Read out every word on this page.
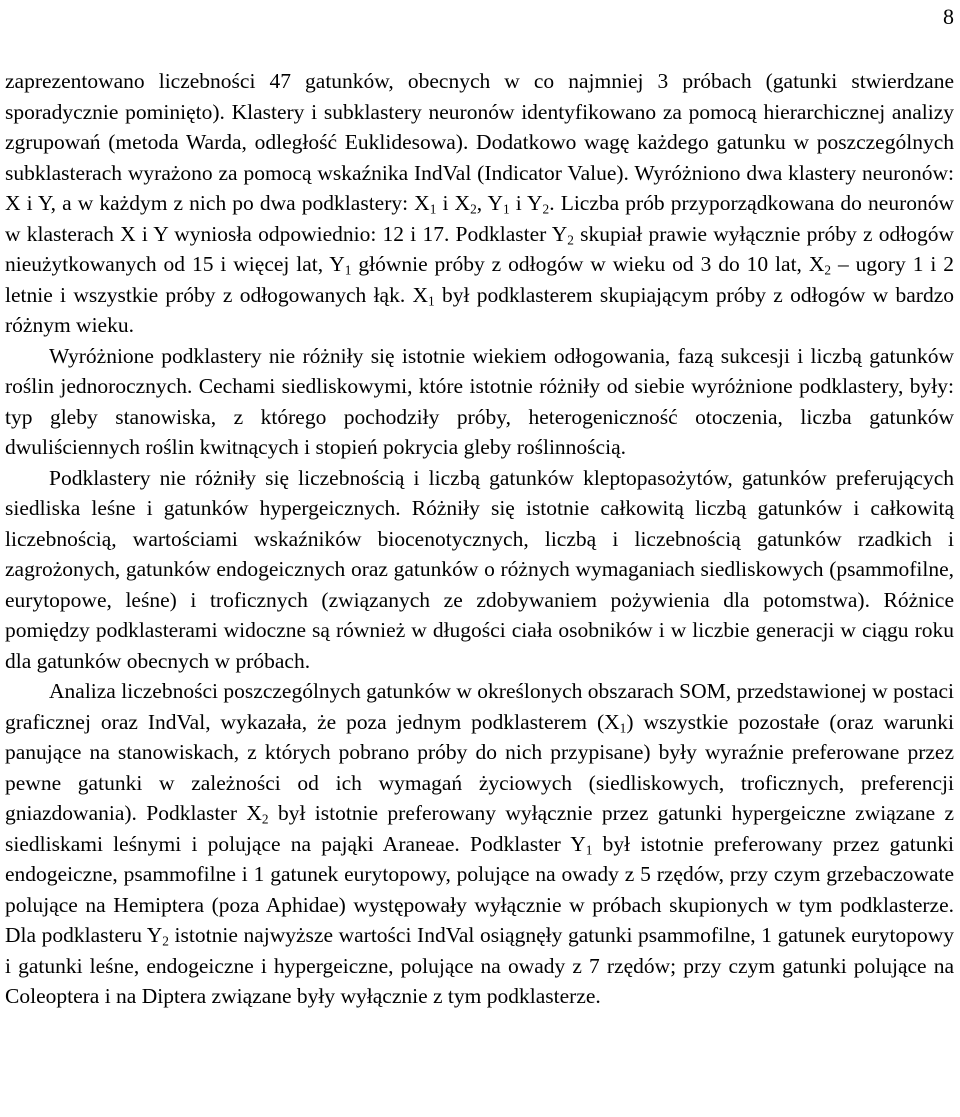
8

zaprezentowano liczebności 47 gatunków, obecnych w co najmniej 3 próbach (gatunki stwierdzane sporadycznie pominięto). Klastery i subklastery neuronów identyfikowano za pomocą hierarchicznej analizy zgrupowań (metoda Warda, odległość Euklidesowa). Dodatkowo wagę każdego gatunku w poszczególnych subklasterach wyrażono za pomocą wskaźnika IndVal (Indicator Value). Wyróżniono dwa klastery neuronów: X i Y, a w każdym z nich po dwa podklastery: $X_1$ i $X_2$, $Y_1$ i $Y_2$. Liczba prób przyporządkowana do neuronów w klasterach X i Y wyniosła odpowiednio: 12 i 17. Podklaster $Y_2$ skupiał prawie wyłącznie próby z odłogów nieużytkowanych od 15 i więcej lat, $Y_1$ głównie próby z odłogów w wieku od 3 do 10 lat, $X_2$ – ugory 1 i 2 letnie i wszystkie próby z odłogowanych łąk. $X_1$ był podklasterem skupiającym próby z odłogów w bardzo różnym wieku.

Wyróżnione podklastery nie różniły się istotnie wiekiem odłogowania, fazą sukcesji i liczbą gatunków roślin jednorocznych. Cechami siedliskowymi, które istotnie różniły od siebie wyróżnione podklastery, były: typ gleby stanowiska, z którego pochodziły próby, heterogeniczność otoczenia, liczba gatunków dwuliściennych roślin kwitnących i stopień pokrycia gleby roślinnością.

Podklastery nie różniły się liczebnością i liczbą gatunków kleptopasożytów, gatunków preferujących siedliska leśne i gatunków hypergeicznych. Różniły się istotnie całkowitą liczbą gatunków i całkowitą liczebnością, wartościami wskaźników biocenotycznych, liczbą i liczebnością gatunków rzadkich i zagrożonych, gatunków endogeicznych oraz gatunków o różnych wymaganiach siedliskowych (psammofilne, eurytopowe, leśne) i troficznych (związanych ze zdobywaniem pożywienia dla potomstwa). Różnice pomiędzy podklasterami widoczne są również w długości ciała osobników i w liczbie generacji w ciągu roku dla gatunków obecnych w próbach.

Analiza liczebności poszczególnych gatunków w określonych obszarach SOM, przedstawionej w postaci graficznej oraz IndVal, wykazała, że poza jednym podklasterem $(X_1)$ wszystkie pozostałe (oraz warunki panujące na stanowiskach, z których pobrano próby do nich przypisane) były wyraźnie preferowane przez pewne gatunki w zależności od ich wymagań życiowych (siedliskowych, troficznych, preferencji gniazdowania). Podklaster $X_2$ był istotnie preferowany wyłącznie przez gatunki hypergeiczne związane z siedliskami leśnymi i polujące na pająki Araneae. Podklaster $Y_1$ był istotnie preferowany przez gatunki endogeiczne, psammofilne i 1 gatunek eurytopowy, polujące na owady z 5 rzędów, przy czym grzebaczowate polujące na Hemiptera (poza Aphidae) występowały wyłącznie w próbach skupionych w tym podklasterze. Dla podklasteru $Y_2$ istotnie najwyższe wartości IndVal osiągnęły gatunki psammofilne, 1 gatunek eurytopowy i gatunki leśne, endogeiczne i hypergeiczne, polujące na owady z 7 rzędów; przy czym gatunki polujące na Coleoptera i na Diptera związane były wyłącznie z tym podklasterze.
